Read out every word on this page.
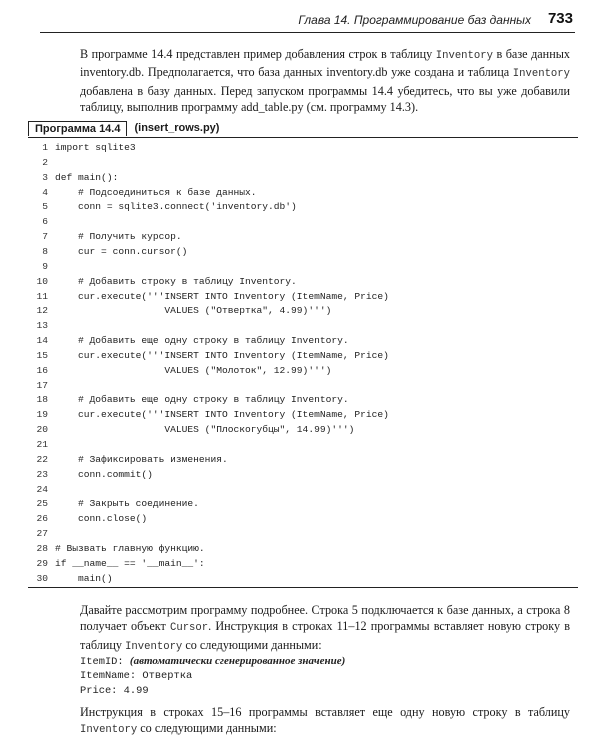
Глава 14. Программирование баз данных 733
В программе 14.4 представлен пример добавления строк в таблицу Inventory в базе данных inventory.db. Предполагается, что база данных inventory.db уже создана и таблица Inventory добавлена в базу данных. Перед запуском программы 14.4 убедитесь, что вы уже добавили таблицу, выполнив программу add_table.py (см. программу 14.3).
Программа 14.4	(insert_rows.py)
1 import sqlite3
2
3 def main():
4 # Подсоединиться к базе данных.
5 conn = sqlite3.connect('inventory.db')
6
7 # Получить курсор.
8 cur = conn.cursor()
9
10 # Добавить строку в таблицу Inventory.
11 cur.execute('''INSERT INTO Inventory (ItemName, Price)
12 VALUES ("Отвертка", 4.99)''')
13
14 # Добавить еще одну строку в таблицу Inventory.
15 cur.execute('''INSERT INTO Inventory (ItemName, Price)
16 VALUES ("Молоток", 12.99)''')
17
18 # Добавить еще одну строку в таблицу Inventory.
19 cur.execute('''INSERT INTO Inventory (ItemName, Price)
20 VALUES ("Плоскогубцы", 14.99)''')
21
22 # Зафиксировать изменения.
23 conn.commit()
24
25 # Закрыть соединение.
26 conn.close()
27
28 # Вызвать главную функцию.
29 if __name__ == '__main__':
30 main()
Давайте рассмотрим программу подробнее. Строка 5 подключается к базе данных, а строка 8 получает объект Cursor. Инструкция в строках 11–12 программы вставляет новую строку в таблицу Inventory со следующими данными:
ItemID: (автоматически сгенерированное значение)
ItemName: Отвертка
Price: 4.99
Инструкция в строках 15–16 программы вставляет еще одну новую строку в таблицу Inventory со следующими данными:
